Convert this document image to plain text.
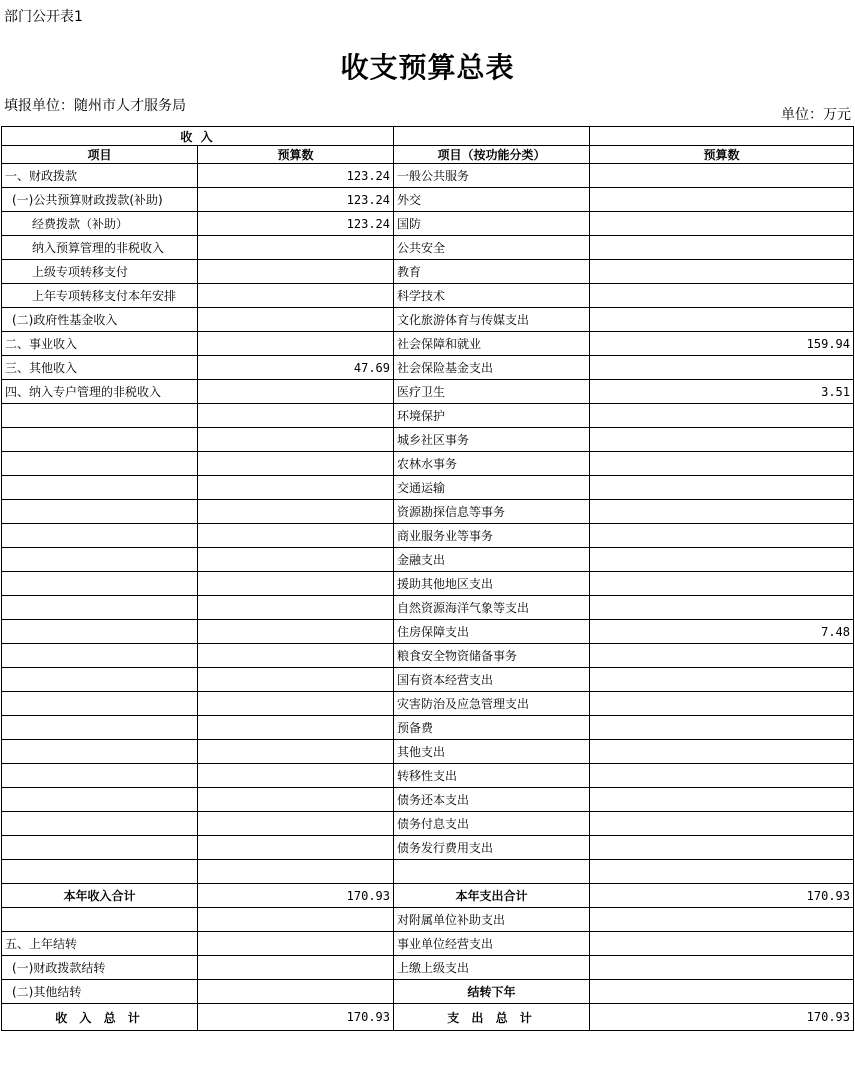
部门公开表1
收支预算总表
填报单位：随州市人才服务局
单位：万元
收 入			
项目	预算数	项目（按功能分类）	预算数
一、财政拨款	123.24	一般公共服务	
(一)公共预算财政拨款(补助)	123.24	外交	
经费拨款（补助）	123.24	国防	
纳入预算管理的非税收入		公共安全	
上级专项转移支付		教育	
上年专项转移支付本年安排		科学技术	
(二)政府性基金收入		文化旅游体育与传媒支出	
二、事业收入		社会保障和就业	159.94
三、其他收入	47.69	社会保险基金支出	
四、纳入专户管理的非税收入		医疗卫生	3.51
		环境保护	
		城乡社区事务	
		农林水事务	
		交通运输	
		资源勘探信息等事务	
		商业服务业等事务	
		金融支出	
		援助其他地区支出	
		自然资源海洋气象等支出	
		住房保障支出	7.48
		粮食安全物资储备事务	
		国有资本经营支出	
		灾害防治及应急管理支出	
		预备费	
		其他支出	
		转移性支出	
		债务还本支出	
		债务付息支出	
		债务发行费用支出	

本年收入合计	170.93	本年支出合计	170.93
		对附属单位补助支出	
五、上年结转		事业单位经营支出	
(一)财政拨款结转		上缴上级支出	
(二)其他结转		结转下年	
收 入 总 计	170.93	支 出 总 计	170.93
